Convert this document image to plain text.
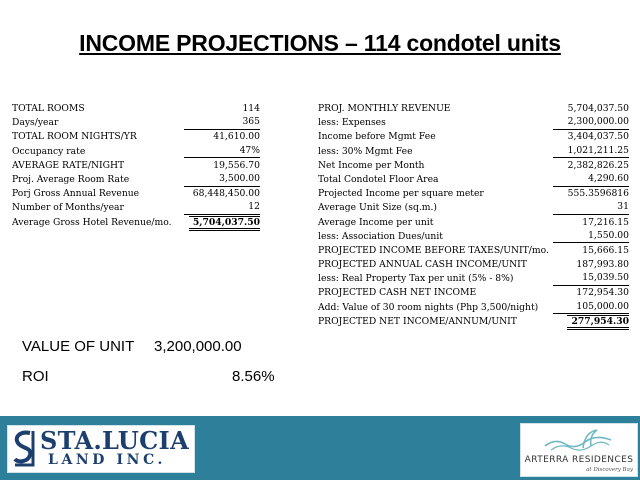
INCOME PROJECTIONS – 114 condotel units
TOTAL ROOMS	114
Days/year	365
TOTAL ROOM NIGHTS/YR	41,610.00
Occupancy rate	47%
AVERAGE RATE/NIGHT	19,556.70
Proj. Average Room Rate	3,500.00
Porj Gross Annual Revenue	68,448,450.00
Number of Months/year	12
Average Gross Hotel Revenue/mo.	5,704,037.50
PROJ. MONTHLY REVENUE	5,704,037.50
less: Expenses	2,300,000.00
Income before Mgmt Fee	3,404,037.50
less: 30% Mgmt Fee	1,021,211.25
Net Income per Month	2,382,826.25
Total Condotel Floor Area	4,290.60
Projected Income per square meter	555.3596816
Average Unit Size (sq.m.)	31
Average Income per unit	17,216.15
less: Association Dues/unit	1,550.00
PROJECTED INCOME BEFORE TAXES/UNIT/mo.	15,666.15
PROJECTED ANNUAL CASH INCOME/UNIT	187,993.80
less: Real Property Tax per unit (5% - 8%)	15,039.50
PROJECTED CASH NET INCOME	172,954.30
Add: Value of 30 room nights (Php 3,500/night)	105,000.00
PROJECTED NET INCOME/ANNUM/UNIT	277,954.30
VALUE OF UNIT 3,200,000.00
ROI	8.56%
STA.LUCIA
LAND INC.	ARTERRA RESIDENCES
at Discovery Bay
